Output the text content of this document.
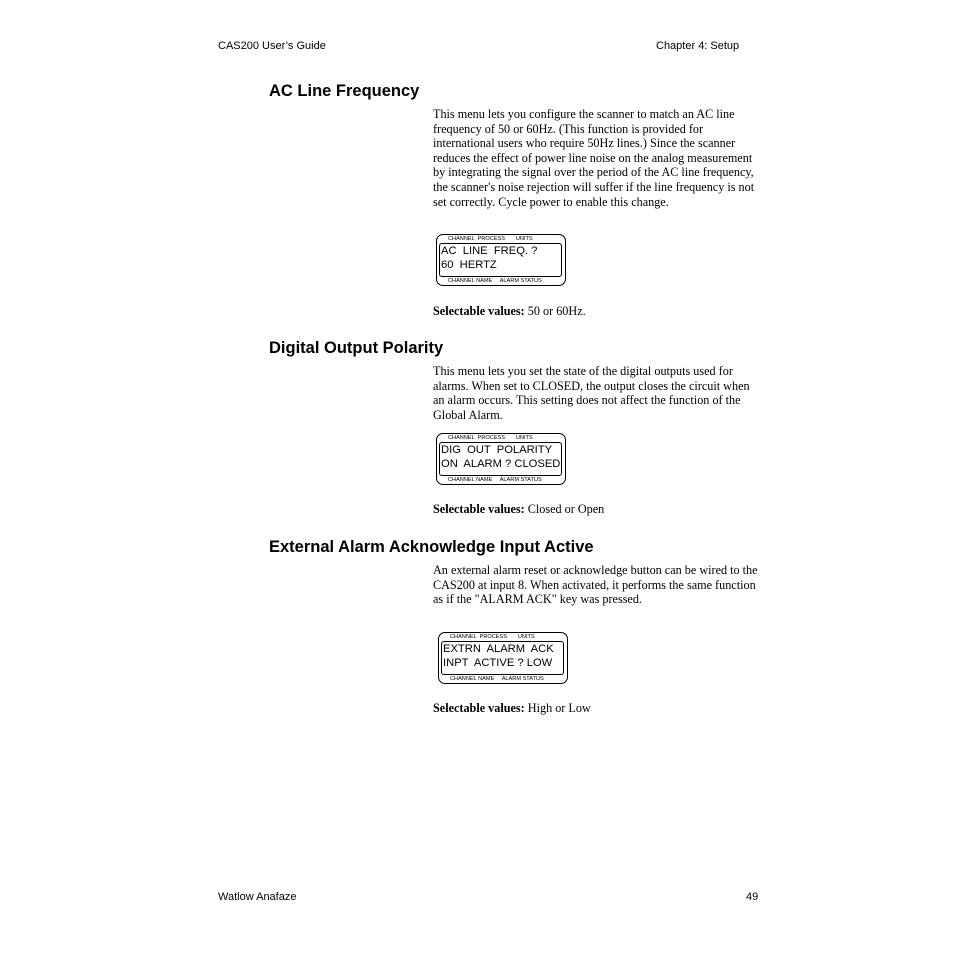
CAS200 User’s Guide	Chapter 4: Setup
AC Line Frequency

This menu lets you configure the scanner to match an AC line frequency of 50 or 60Hz. (This function is provided for international users who require 50Hz lines.) Since the scanner reduces the effect of power line noise on the analog measurement by integrating the signal over the period of the AC line frequency, the scanner's noise rejection will suffer if the line frequency is not set correctly. Cycle power to enable this change.

CHANNEL  PROCESS       UNITS
AC  LINE  FREQ. ?
60  HERTZ
CHANNEL NAME     ALARM STATUS

Selectable values: 50 or 60Hz.

Digital Output Polarity

This menu lets you set the state of the digital outputs used for alarms. When set to CLOSED, the output closes the circuit when an alarm occurs. This setting does not affect the function of the Global Alarm.

CHANNEL  PROCESS       UNITS
DIG  OUT  POLARITY
ON  ALARM ? CLOSED
CHANNEL NAME     ALARM STATUS

Selectable values: Closed or Open

External Alarm Acknowledge Input Active

An external alarm reset or acknowledge button can be wired to the CAS200 at input 8. When activated, it performs the same function as if the "ALARM ACK" key was pressed.

CHANNEL  PROCESS       UNITS
EXTRN  ALARM  ACK
INPT  ACTIVE ? LOW
CHANNEL NAME     ALARM STATUS

Selectable values: High or Low

Watlow Anafaze	49
